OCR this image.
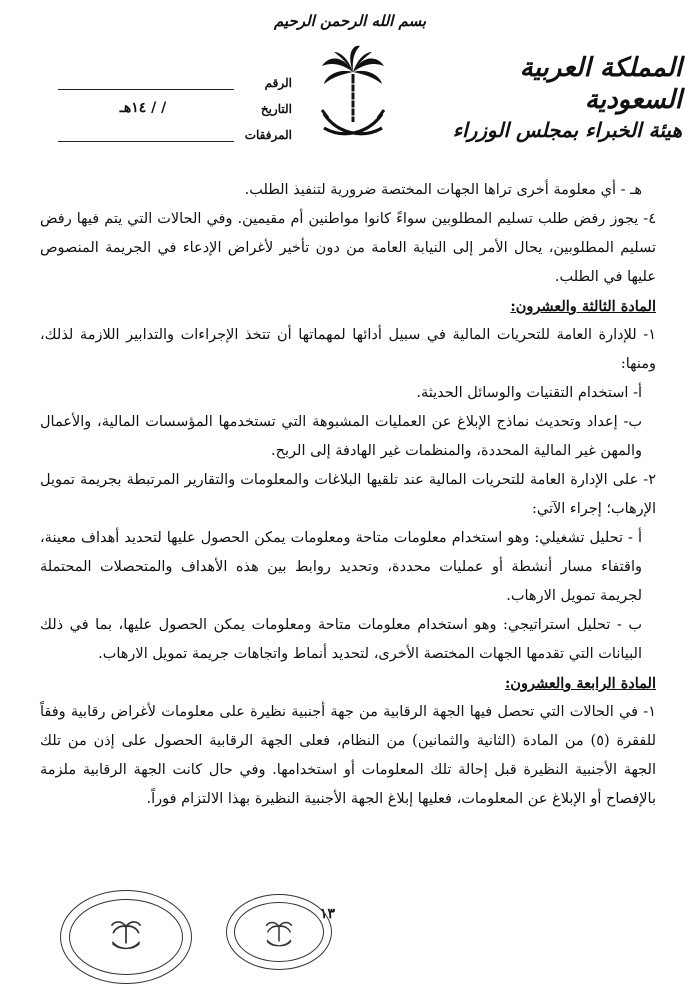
بسم الله الرحمن الرحيم
المملكة العربية السعودية
هيئة الخبراء بمجلس الوزراء
الرقم
التاريخ
/ / ١٤هـ
المرفقات

هـ - أي معلومة أخرى تراها الجهات المختصة ضرورية لتنفيذ الطلب.

٤- يجوز رفض طلب تسليم المطلوبين سواءً كانوا مواطنين أم مقيمين. وفي الحالات التي يتم فيها رفض تسليم المطلوبين، يحال الأمر إلى النيابة العامة من دون تأخير لأغراض الإدعاء في الجريمة المنصوص عليها في الطلب.

المادة الثالثة والعشرون:

١- للإدارة العامة للتحريات المالية في سبيل أدائها لمهماتها أن تتخذ الإجراءات والتدابير اللازمة لذلك، ومنها:

أ- استخدام التقنيات والوسائل الحديثة.

ب- إعداد وتحديث نماذج الإبلاغ عن العمليات المشبوهة التي تستخدمها المؤسسات المالية، والأعمال والمهن غير المالية المحددة، والمنظمات غير الهادفة إلى الربح.

٢- على الإدارة العامة للتحريات المالية عند تلقيها البلاغات والمعلومات والتقارير المرتبطة بجريمة تمويل الإرهاب؛ إجراء الآتي:

أ - تحليل تشغيلي: وهو استخدام معلومات متاحة ومعلومات يمكن الحصول عليها لتحديد أهداف معينة، واقتفاء مسار أنشطة أو عمليات محددة، وتحديد روابط بين هذه الأهداف والمتحصلات المحتملة لجريمة تمويل الارهاب.

ب - تحليل استراتيجي: وهو استخدام معلومات متاحة ومعلومات يمكن الحصول عليها، بما في ذلك البيانات التي تقدمها الجهات المختصة الأخرى، لتحديد أنماط واتجاهات جريمة تمويل الارهاب.

المادة الرابعة والعشرون:

١- في الحالات التي تحصل فيها الجهة الرقابية من جهة أجنبية نظيرة على معلومات لأغراض رقابية وفقاً للفقرة (٥) من المادة (الثانية والثمانين) من النظام، فعلى الجهة الرقابية الحصول على إذن من تلك الجهة الأجنبية النظيرة قبل إحالة تلك المعلومات أو استخدامها. وفي حال كانت الجهة الرقابية ملزمة بالإفصاح أو الإبلاغ عن المعلومات، فعليها إبلاغ الجهة الأجنبية النظيرة بهذا الالتزام فوراً.

١٣
